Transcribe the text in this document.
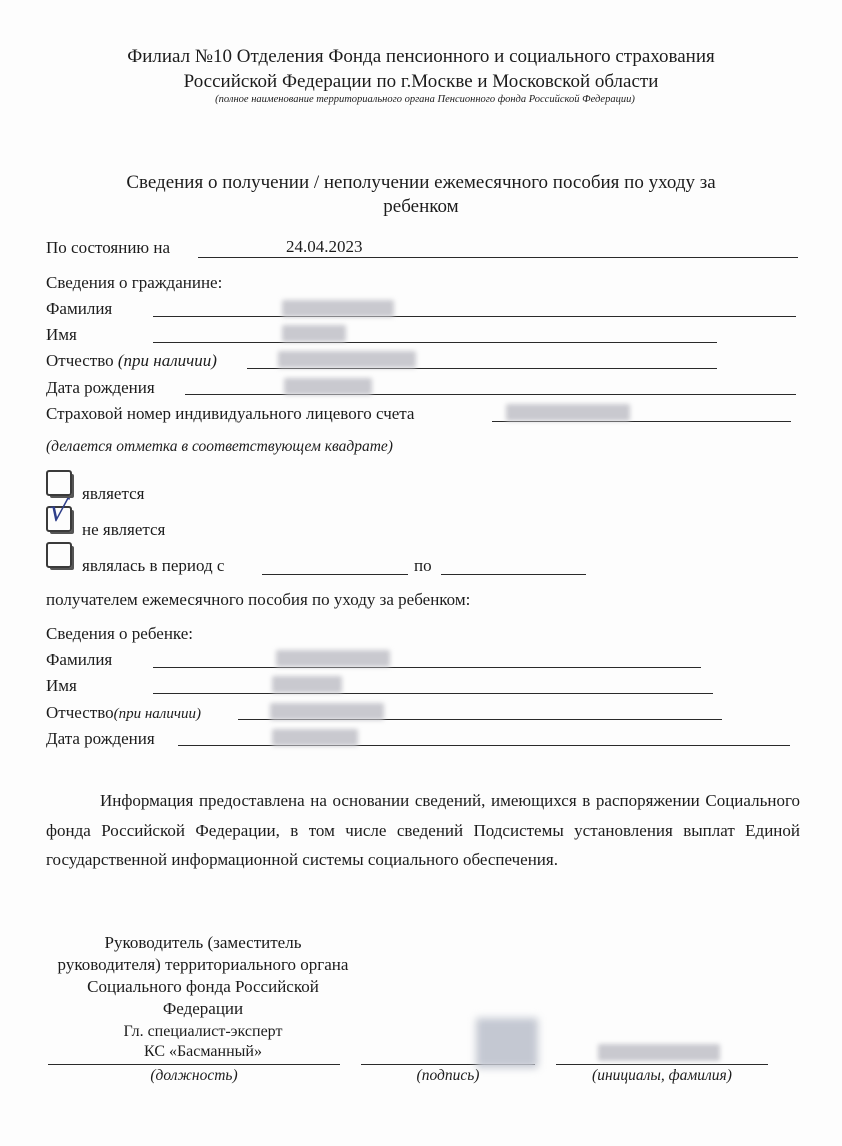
Филиал №10 Отделения Фонда пенсионного и социального страхования
Российской Федерации по г.Москве и Московской области
(полное наименование территориального органа Пенсионного фонда Российской Федерации)
Сведения о получении / неполучении ежемесячного пособия по уходу за
ребенком
По состоянию на	24.04.2023
Сведения о гражданине:
Фамилия
Имя
Отчество (при наличии)
Дата рождения
Страховой номер индивидуального лицевого счета
(делается отметка в соответствующем квадрате)
является
√ не является
являлась в период с	по
получателем ежемесячного пособия по уходу за ребенком:
Сведения о ребенке:
Фамилия
Имя
Отчество(при наличии)
Дата рождения
Информация предоставлена на основании сведений, имеющихся в распоряжении Социального фонда Российской Федерации, в том числе сведений Подсистемы установления выплат Единой государственной информационной системы социального обеспечения.
Руководитель (заместитель
руководителя) территориального органа
Социального фонда Российской
Федерации
Гл. специалист-эксперт
КС «Басманный»
(должность)	(подпись)	(инициалы, фамилия)
